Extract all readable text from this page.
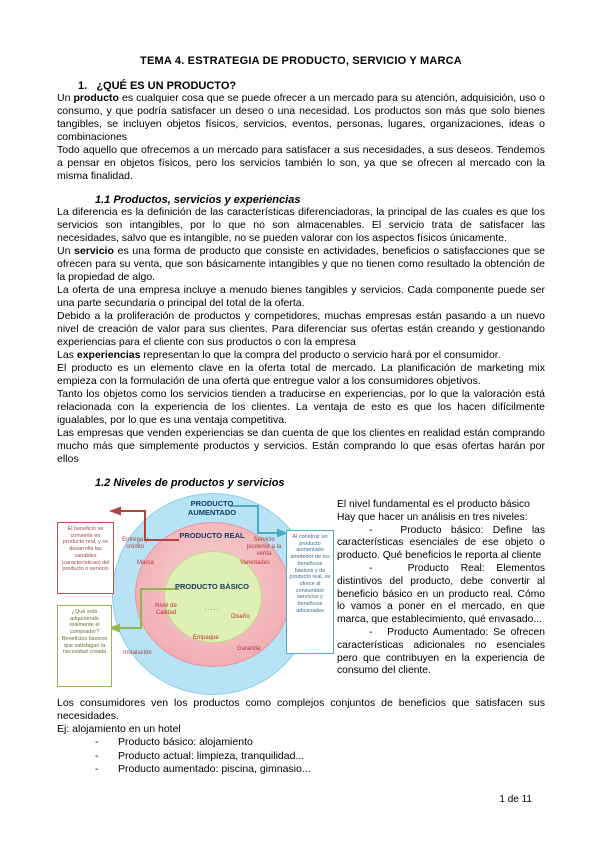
TEMA 4. ESTRATEGIA DE PRODUCTO, SERVICIO Y MARCA
1.   ¿QUÉ ES UN PRODUCTO?

Un producto es cualquier cosa que se puede ofrecer a un mercado para su atención, adquisición, uso o consumo, y que podría satisfacer un deseo o una necesidad. Los productos son más que solo bienes tangibles, se incluyen objetos físicos, servicios, eventos, personas, lugares, organizaciones, ideas o combinaciones

Todo aquello que ofrecemos a un mercado para satisfacer a sus necesidades, a sus deseos. Tendemos a pensar en objetos físicos, pero los servicios también lo son, ya que se ofrecen al mercado con la misma finalidad.

1.1 Productos, servicios y experiencias

La diferencia es la definición de las características diferenciadoras, la principal de las cuales es que los servicios son intangibles, por lo que no son almacenables. El servicio trata de satisfacer las necesidades, salvo que es intangible, no se pueden valorar con los aspectos físicos únicamente.

Un servicio es una forma de producto que consiste en actividades, beneficios o satisfacciones que se ofrecen para su venta, que son básicamente intangibles y que no tienen como resultado la obtención de la propiedad de algo.

La oferta de una empresa incluye a menudo bienes tangibles y servicios. Cada componente puede ser una parte secundaria o principal del total de la oferta.

Debido a la proliferación de productos y competidores, muchas empresas están pasando a un nuevo nivel de creación de valor para sus clientes. Para diferenciar sus ofertas están creando y gestionando experiencias para el cliente con sus productos o con la empresa

Las experiencias representan lo que la compra del producto o servicio hará por el consumidor.

El producto es un elemento clave en la oferta total de mercado. La planificación de marketing mix empieza con la formulación de una oferta que entregue valor a los consumidores objetivos.

Tanto los objetos como los servicios tienden a traducirse en experiencias, por lo que la valoración está relacionada con la experiencia de los clientes. La ventaja de esto es que los hacen difícilmente igualables, por lo que es una ventaja competitiva.

Las empresas que venden experiencias se dan cuenta de que los clientes en realidad están comprando mucho más que simplemente productos y servicios. Están comprando lo que esas ofertas harán por ellos

1.2 Niveles de productos y servicios
PRODUCTO AUMENTADO
PRODUCTO REAL
PRODUCTO BÁSICO
.....
Entrega y crédito
Servicio posterior a la venta
Marca	Variedades
Nivel de Calidad
Diseño
Empaque
Instalación
Garantía
El beneficio se convierte en producto real, y se desarrolla las variables (características) del producto o servicio
¿Qué está adquiriendo realmente el comprador? Beneficios básicos que satisfagan la necesidad creada
Al construir un producto aumentado alrededor de los beneficios básicos y de producto real, se ofrece al consumidor servicios y beneficios adicionales

El nivel fundamental es el producto básico

Hay que hacer un análisis en tres niveles:

-   Producto básico: Define las características esenciales de ese objeto o producto. Qué beneficios le reporta al cliente

-   Producto Real: Elementos distintivos del producto, debe convertir al beneficio básico en un producto real. Cómo lo vamos a poner en el mercado, en que marca, que establecimiento, qué envasado...

-   Producto Aumentado: Se ofrecen características adicionales no esenciales pero que contribuyen en la experiencia de consumo del cliente.

Los consumidores ven los productos como complejos conjuntos de beneficios que satisfacen sus necesidades.

Ej: alojamiento en un hotel

-	Producto básico: alojamiento
-	Producto actual: limpieza, tranquilidad...
-	Producto aumentado: piscina, gimnasio...
1 de 11
